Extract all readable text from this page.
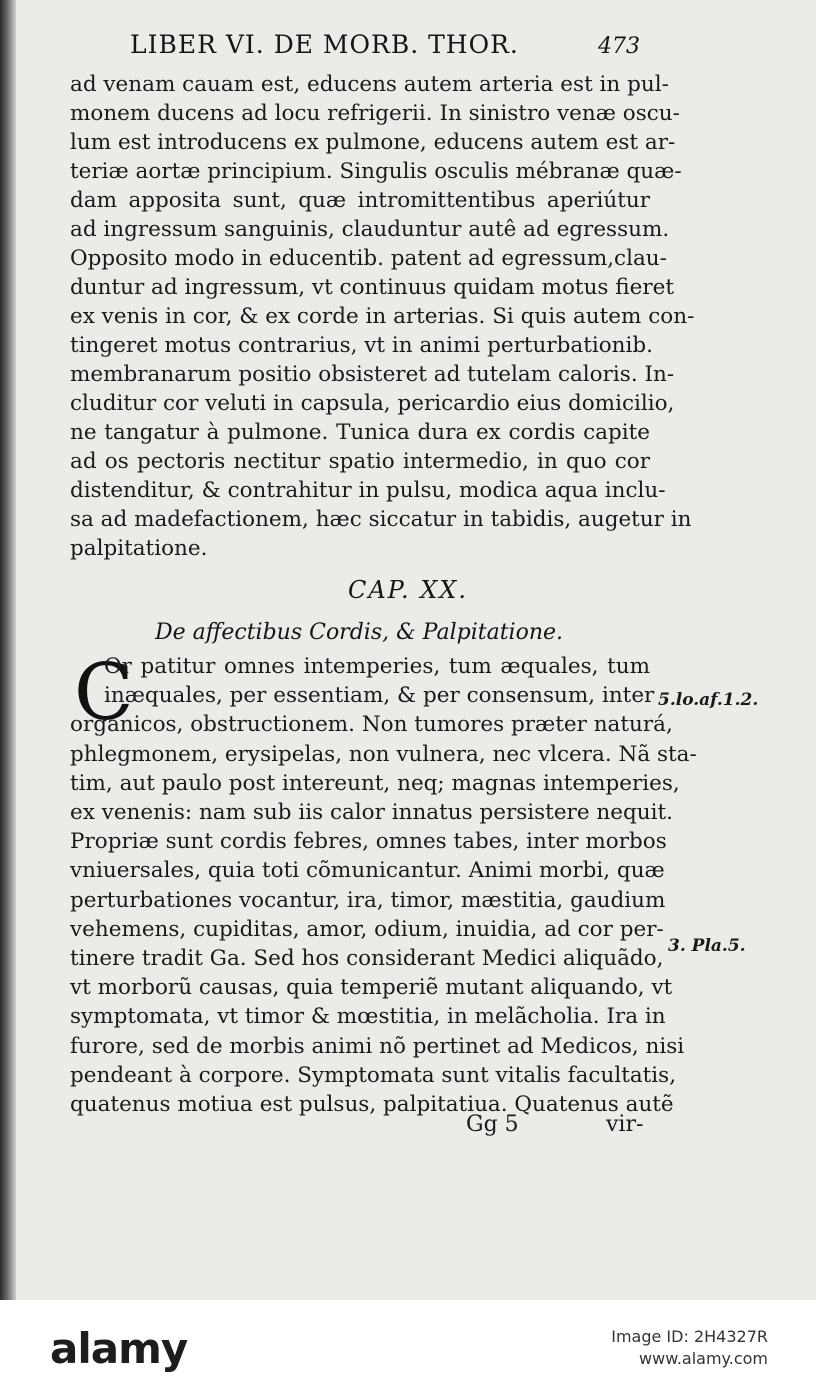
LIBER VI. DE MORB. THOR.	473
ad venam cauam est, educens autem arteria est in pul-
monem ducens ad locu refrigerii. In sinistro venæ oscu-
lum est introducens ex pulmone, educens autem est ar-
teriæ aortæ principium. Singulis osculis mébranæ quæ-
dam apposita sunt, quæ intromittentibus aperiútur
ad ingressum sanguinis, clauduntur autê ad egressum.
Opposito modo in educentib. patent ad egressum,clau-
duntur ad ingressum, vt continuus quidam motus fieret
ex venis in cor, & ex corde in arterias. Si quis autem con-
tingeret motus contrarius, vt in animi perturbationib.
membranarum positio obsisteret ad tutelam caloris. In-
cluditur cor veluti in capsula, pericardio eius domicilio,
ne tangatur à pulmone. Tunica dura ex cordis capite
ad os pectoris nectitur spatio intermedio, in quo cor
distenditur, & contrahitur in pulsu, modica aqua inclu-
sa ad madefactionem, hæc siccatur in tabidis, augetur in
palpitatione.
CAP. XX.
De affectibus Cordis, & Palpitatione.
C
Or patitur omnes intemperies, tum æquales, tum
inæquales, per essentiam, & per consensum, inter
organicos, obstructionem. Non tumores præter naturá,
phlegmonem, erysipelas, non vulnera, nec vlcera. Nã sta-
tim, aut paulo post intereunt, neq; magnas intemperies,
ex venenis: nam sub iis calor innatus persistere nequit.
Propriæ sunt cordis febres, omnes tabes, inter morbos
vniuersales, quia toti cõmunicantur. Animi morbi, quæ
perturbationes vocantur, ira, timor, mæstitia, gaudium
vehemens, cupiditas, amor, odium, inuidia, ad cor per-
tinere tradit Ga. Sed hos considerant Medici aliquãdo,
vt morborũ causas, quia temperiẽ mutant aliquando, vt
symptomata, vt timor & mœstitia, in melãcholia. Ira in
furore, sed de morbis animi nõ pertinet ad Medicos, nisi
pendeant à corpore. Symptomata sunt vitalis facultatis,
quatenus motiua est pulsus, palpitatiua. Quatenus autẽ
5.lo.af.1.2.
3. Pla.5.
Gg 5	vir-
alamy	Image ID: 2H4327R
www.alamy.com
